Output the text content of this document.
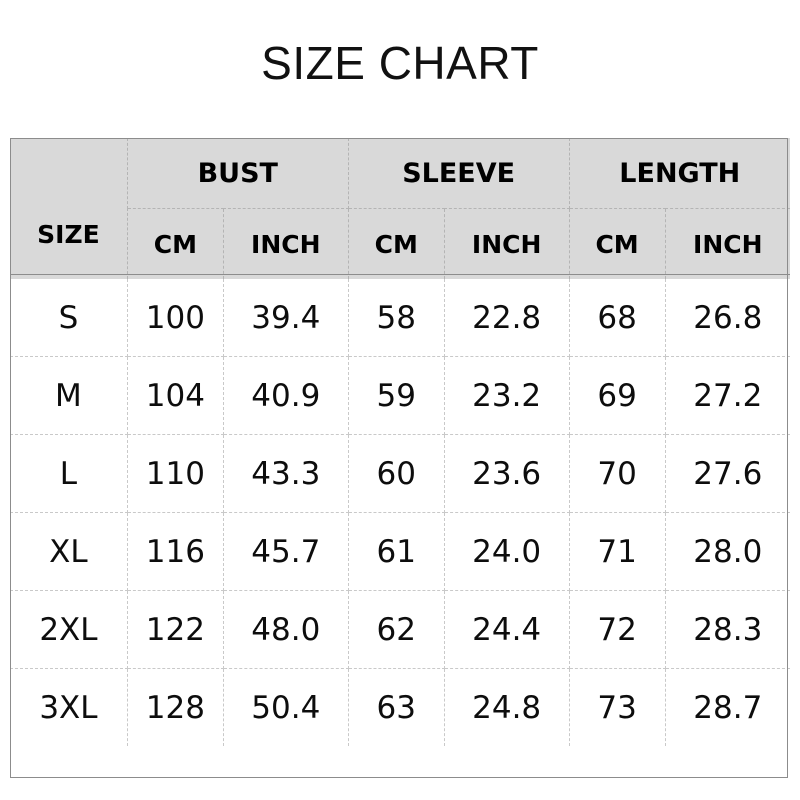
SIZE CHART
SIZE	BUST		SLEEVE		LENGTH	
	CM	INCH	CM	INCH	CM	INCH
S	100	39.4	58	22.8	68	26.8
M	104	40.9	59	23.2	69	27.2
L	110	43.3	60	23.6	70	27.6
XL	116	45.7	61	24.0	71	28.0
2XL	122	48.0	62	24.4	72	28.3
3XL	128	50.4	63	24.8	73	28.7
